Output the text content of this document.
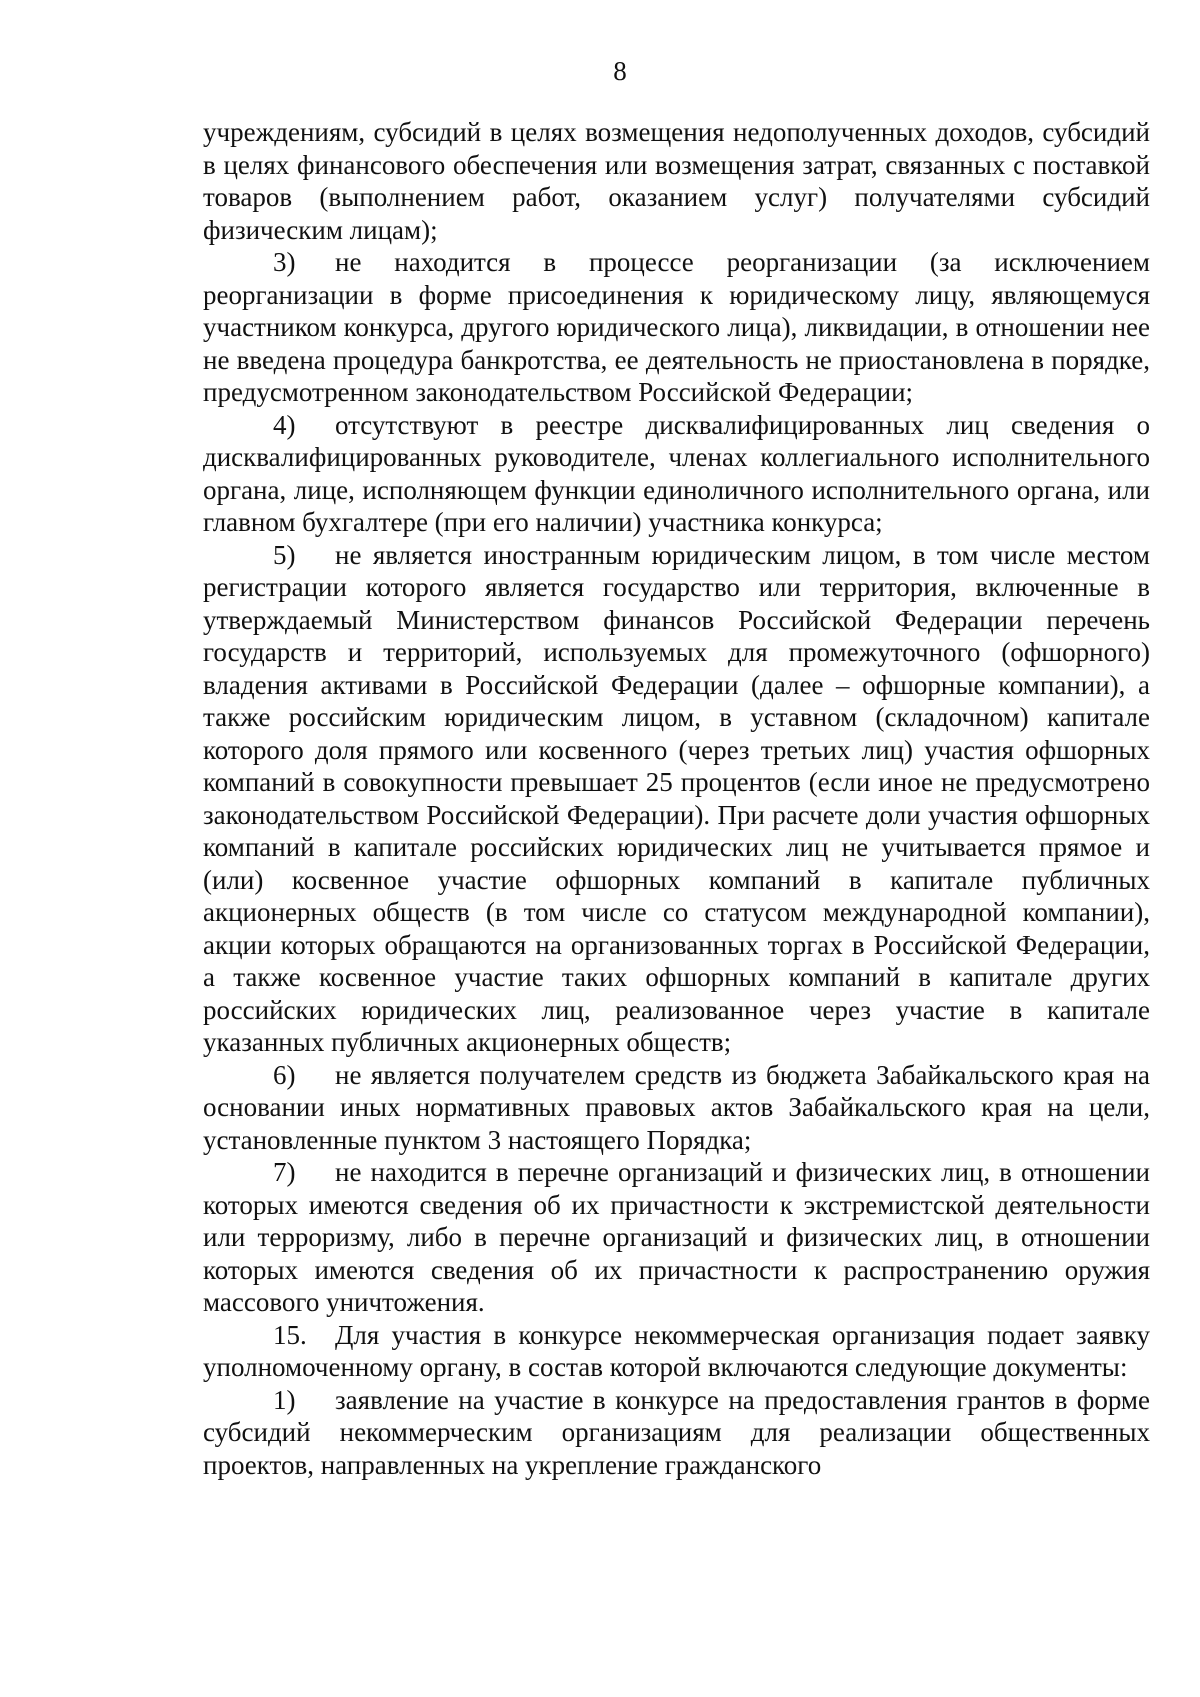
8

учреждениям, субсидий в целях возмещения недополученных доходов, субсидий в целях финансового обеспечения или возмещения затрат, связанных с поставкой товаров (выполнением работ, оказанием услуг) получателями субсидий физическим лицам);

3) не находится в процессе реорганизации (за исключением реорганизации в форме присоединения к юридическому лицу, являющемуся участником конкурса, другого юридического лица), ликвидации, в отношении нее не введена процедура банкротства, ее деятельность не приостановлена в порядке, предусмотренном законодательством Российской Федерации;

4) отсутствуют в реестре дисквалифицированных лиц сведения о дисквалифицированных руководителе, членах коллегиального исполнительного органа, лице, исполняющем функции единоличного исполнительного органа, или главном бухгалтере (при его наличии) участника конкурса;

5) не является иностранным юридическим лицом, в том числе местом регистрации которого является государство или территория, включенные в утверждаемый Министерством финансов Российской Федерации перечень государств и территорий, используемых для промежуточного (офшорного) владения активами в Российской Федерации (далее – офшорные компании), а также российским юридическим лицом, в уставном (складочном) капитале которого доля прямого или косвенного (через третьих лиц) участия офшорных компаний в совокупности превышает 25 процентов (если иное не предусмотрено законодательством Российской Федерации). При расчете доли участия офшорных компаний в капитале российских юридических лиц не учитывается прямое и (или) косвенное участие офшорных компаний в капитале публичных акционерных обществ (в том числе со статусом международной компании), акции которых обращаются на организованных торгах в Российской Федерации, а также косвенное участие таких офшорных компаний в капитале других российских юридических лиц, реализованное через участие в капитале указанных публичных акционерных обществ;

6) не является получателем средств из бюджета Забайкальского края на основании иных нормативных правовых актов Забайкальского края на цели, установленные пунктом 3 настоящего Порядка;

7) не находится в перечне организаций и физических лиц, в отношении которых имеются сведения об их причастности к экстремистской деятельности или терроризму, либо в перечне организаций и физических лиц, в отношении которых имеются сведения об их причастности к распространению оружия массового уничтожения.

15. Для участия в конкурсе некоммерческая организация подает заявку уполномоченному органу, в состав которой включаются следующие документы:

1) заявление на участие в конкурсе на предоставления грантов в форме субсидий некоммерческим организациям для реализации общественных проектов, направленных на укрепление гражданского
